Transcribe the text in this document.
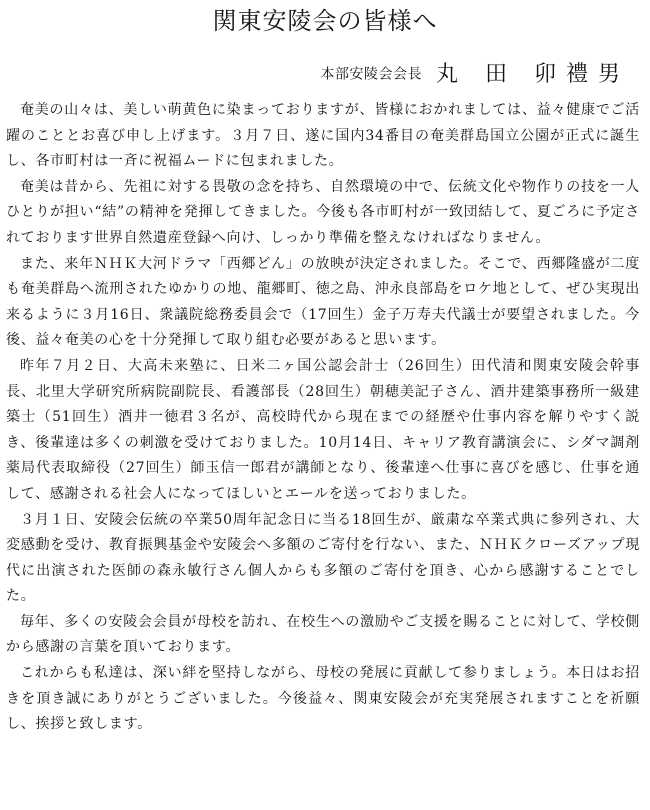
関東安陵会の皆様へ
本部安陵会会長 丸 田 卯禮男

奄美の山々は、美しい萌黄色に染まっておりますが、皆様におかれましては、益々健康でご活躍のこととお喜び申し上げます。３月７日、遂に国内34番目の奄美群島国立公園が正式に誕生し、各市町村は一斉に祝福ムードに包まれました。

奄美は昔から、先祖に対する畏敬の念を持ち、自然環境の中で、伝統文化や物作りの技を一人ひとりが担い“結”の精神を発揮してきました。今後も各市町村が一致団結して、夏ごろに予定されております世界自然遺産登録へ向け、しっかり準備を整えなければなりません。

また、来年ＮＨＫ大河ドラマ「西郷どん」の放映が決定されました。そこで、西郷隆盛が二度も奄美群島へ流刑されたゆかりの地、龍郷町、徳之島、沖永良部島をロケ地として、ぜひ実現出来るように３月16日、衆議院総務委員会で（17回生）金子万寿夫代議士が要望されました。今後、益々奄美の心を十分発揮して取り組む必要があると思います。

昨年７月２日、大高未来塾に、日米二ヶ国公認会計士（26回生）田代清和関東安陵会幹事長、北里大学研究所病院副院長、看護部長（28回生）朝穂美記子さん、酒井建築事務所一級建築士（51回生）酒井一徳君３名が、高校時代から現在までの経歴や仕事内容を解りやすく説き、後輩達は多くの刺激を受けておりました。10月14日、キャリア教育講演会に、シダマ調剤薬局代表取締役（27回生）師玉信一郎君が講師となり、後輩達へ仕事に喜びを感じ、仕事を通して、感謝される社会人になってほしいとエールを送っておりました。

３月１日、安陵会伝統の卒業50周年記念日に当る18回生が、厳粛な卒業式典に参列され、大変感動を受け、教育振興基金や安陵会へ多額のご寄付を行ない、また、ＮＨＫクローズアップ現代に出演された医師の森永敏行さん個人からも多額のご寄付を頂き、心から感謝することでした。

毎年、多くの安陵会会員が母校を訪れ、在校生への激励やご支援を賜ることに対して、学校側から感謝の言葉を頂いております。

これからも私達は、深い絆を堅持しながら、母校の発展に貢献して参りましょう。本日はお招きを頂き誠にありがとうございました。今後益々、関東安陵会が充実発展されますことを祈願し、挨拶と致します。
